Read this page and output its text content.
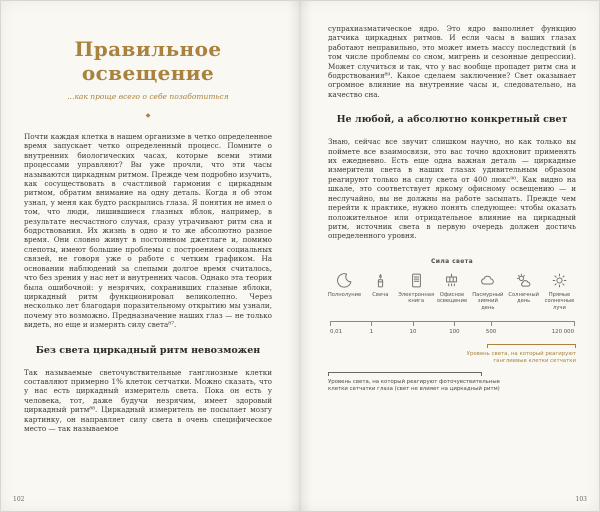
Правильное освещение
...как проще всего о себе позаботиться
◆

Почти каждая клетка в нашем организме в четко определенное время запускает четко определенный процесс. Помните о внутренних биологических часах, которые всеми этими процессами управляют? Вы уже прочли, что эти часы называются циркадным ритмом. Прежде чем подробно изучить, как сосуществовать в счастливой гармонии с циркадным ритмом, обратим внимание на одну деталь. Когда я об этом узнал, у меня как будто раскрылись глаза. Я понятия не имел о том, что люди, лишившиеся глазных яблок, например, в результате несчастного случая, сразу утрачивают ритм сна и бодрствования. Их жизнь в одно и то же абсолютно разное время. Они словно живут в постоянном джетлаге и, помимо слепоты, имеют большие проблемы с построением социальных связей, не говоря уже о работе с четким графиком. На основании наблюдений за слепыми долгое время считалось, что без зрения у нас нет и внутренних часов. Однако эта теория была ошибочной: у незрячих, сохранивших глазные яблоки, циркадный ритм функционировал великолепно. Через несколько лет благодаря поразительному открытию мы узнали, почему это возможно. Предназначение наших глаз — не только видеть, но еще и измерять силу света⁸⁷.

Без света циркадный ритм невозможен

Так называемые светочувствительные ганглиозные клетки составляют примерно 1% клеток сетчатки. Можно сказать, что у нас есть циркадный измеритель света. Пока он есть у человека, тот, даже будучи незрячим, имеет здоровый циркадный ритм⁸⁸. Циркадный измеритель не посылает мозгу картинку, он направляет силу света в очень специфическое место — так называемое

102

супрахиазматическое ядро. Это ядро выполняет функцию датчика циркадных ритмов. И если часы в ваших глазах работают неправильно, это может иметь массу последствий (в том числе проблемы со сном, мигрень и сезонные депрессии). Может случиться и так, что у вас вообще пропадет ритм сна и бодрствования⁸⁹. Какое сделаем заключение? Свет оказывает огромное влияние на внутренние часы и, следовательно, на качество сна.

Не любой, а абсолютно конкретный свет

Знаю, сейчас все звучит слишком научно, но как только вы поймете все взаимосвязи, это вас точно вдохновит применять их ежедневно. Есть еще одна важная деталь — циркадные измерители света в наших глазах удивительным образом реагируют только на силу света от 400 люкс⁹⁰. Как видно на шкале, это соответствует яркому офисному освещению — и неслучайно, вы не должны на работе засыпать. Прежде чем перейти к практике, нужно понять следующее: чтобы оказать положительное или отрицательное влияние на циркадный ритм, источник света в первую очередь должен достичь определенного уровня.

Сила света
Полнолуние Свеча Электронная книга
Офисное освещение
Пасмурный зимний день
Солнечный день
Прямые солнечные лучи
0,01	1	10	100	500	120 000
Уровень света, на который реагируют ганглиевые клетки сетчатки
Уровень света, на который реагируют фоточувствительные клетки сетчатки глаза (свет не влияет на циркадный ритм)
103
